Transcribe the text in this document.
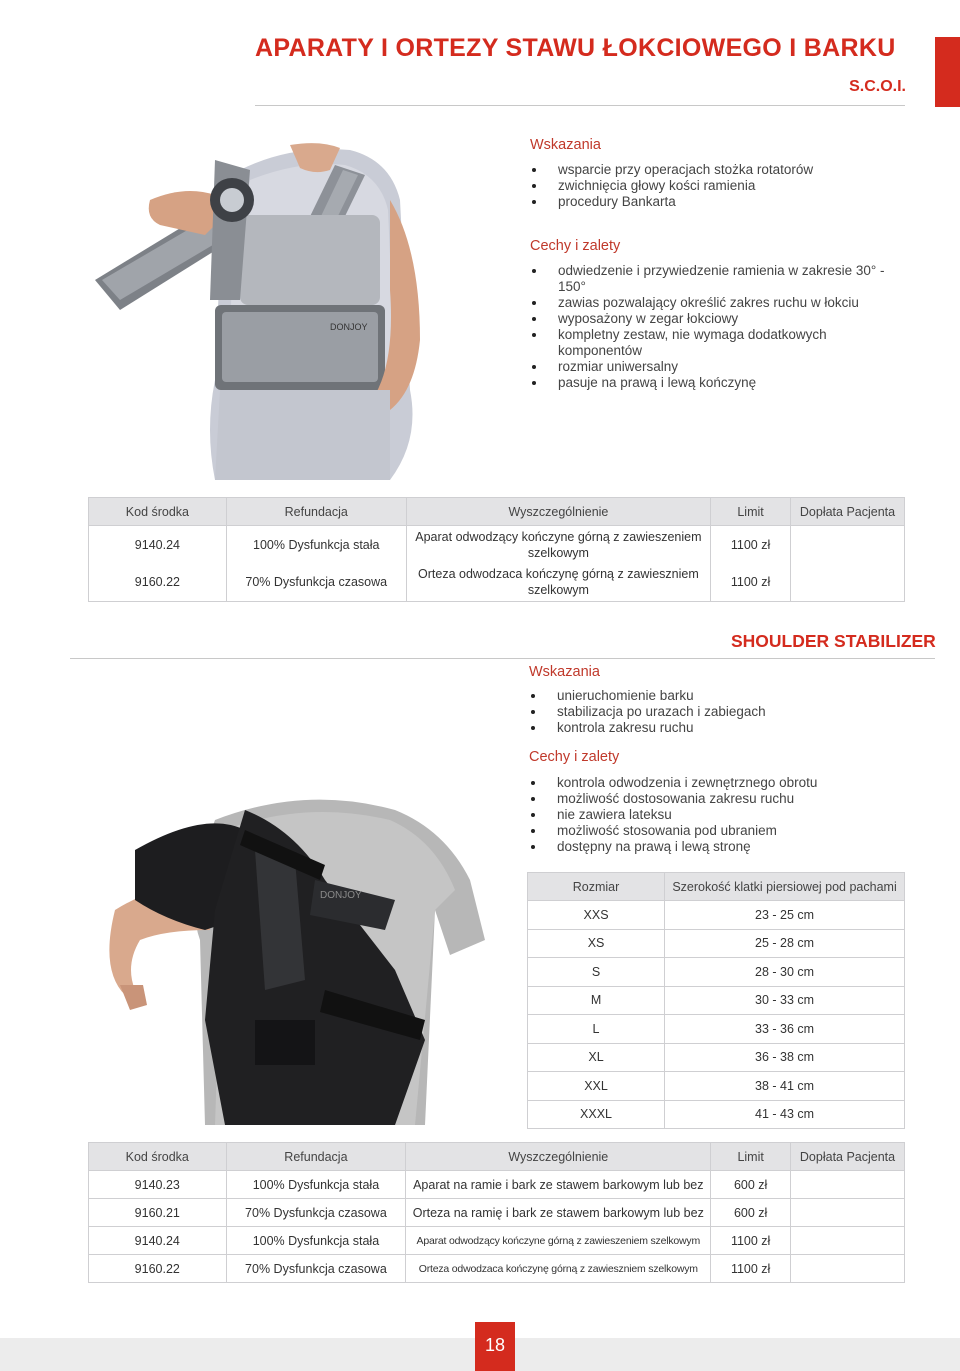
APARATY I ORTEZY STAWU ŁOKCIOWEGO I BARKU
S.C.O.I.
DONJOY
Wskazania
wsparcie przy operacjach stożka rotatorów
zwichnięcia głowy kości ramienia
procedury Bankarta
Cechy i zalety
odwiedzenie i przywiedzenie ramienia w zakresie 30° - 150°
zawias pozwalający określić zakres ruchu w łokciu
wyposażony w zegar łokciowy
kompletny zestaw, nie wymaga dodatkowych komponentów
rozmiar uniwersalny
pasuje na prawą i lewą kończynę
Kod środka	Refundacja	Wyszczególnienie	Limit	Dopłata Pacjenta
9140.24	100% Dysfunkcja stała	Aparat odwodzący kończyne górną z zawieszeniem szelkowym	1100 zł	
9160.22	70% Dysfunkcja czasowa	Orteza odwodzaca kończynę górną z zawieszniem szelkowym	1100 zł	
SHOULDER STABILIZER
Wskazania
unieruchomienie barku
stabilizacja po urazach i zabiegach
kontrola zakresu ruchu
Cechy i zalety
kontrola odwodzenia i zewnętrznego obrotu
możliwość dostosowania zakresu ruchu
nie zawiera lateksu
możliwość stosowania pod ubraniem
dostępny na prawą i lewą stronę
DONJOY
Rozmiar	Szerokość klatki piersiowej pod pachami
XXS	23 - 25 cm
XS	25 - 28 cm
S	28 - 30 cm
M	30 - 33 cm
L	33 - 36 cm
XL	36 - 38 cm
XXL	38 - 41 cm
XXXL	41 - 43 cm
Kod środka	Refundacja	Wyszczególnienie	Limit	Dopłata Pacjenta
9140.23	100% Dysfunkcja stała	Aparat na ramie i bark ze stawem barkowym lub bez	600 zł	
9160.21	70% Dysfunkcja czasowa	Orteza na ramię i bark ze stawem barkowym lub bez	600 zł	
9140.24	100% Dysfunkcja stała	Aparat odwodzący kończyne górną z zawieszeniem szelkowym	1100 zł	
9160.22	70% Dysfunkcja czasowa	Orteza odwodzaca kończynę górną z zawieszniem szelkowym	1100 zł	
18
